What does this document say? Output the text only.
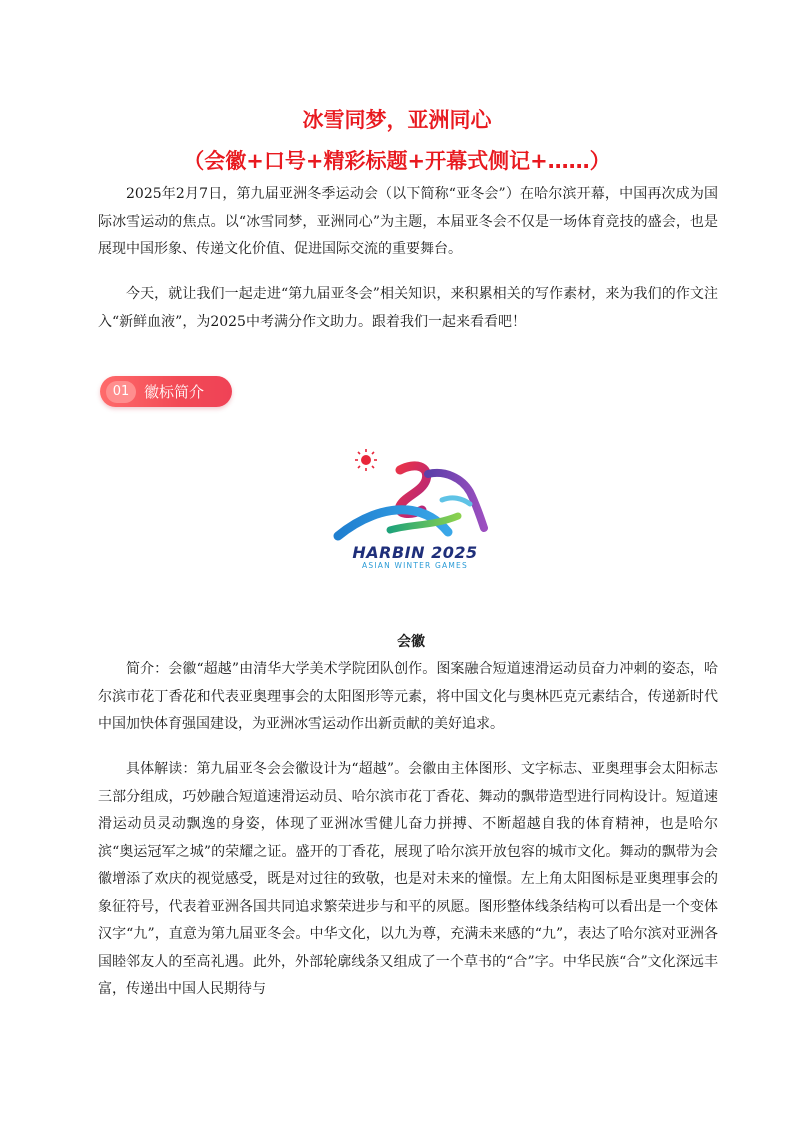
冰雪同梦，亚洲同心
（会徽+口号+精彩标题+开幕式侧记+……）

2025年2月7日，第九届亚洲冬季运动会（以下简称“亚冬会”）在哈尔滨开幕，中国再次成为国际冰雪运动的焦点。以“冰雪同梦，亚洲同心”为主题，本届亚冬会不仅是一场体育竞技的盛会，也是展现中国形象、传递文化价值、促进国际交流的重要舞台。

今天，就让我们一起走进“第九届亚冬会”相关知识，来积累相关的写作素材，来为我们的作文注入“新鲜血液”，为2025中考满分作文助力。跟着我们一起来看看吧！

01 徽标简介
HARBIN 2025
ASIAN WINTER GAMES

会徽

简介：会徽“超越”由清华大学美术学院团队创作。图案融合短道速滑运动员奋力冲刺的姿态，哈尔滨市花丁香花和代表亚奥理事会的太阳图形等元素，将中国文化与奥林匹克元素结合，传递新时代中国加快体育强国建设，为亚洲冰雪运动作出新贡献的美好追求。

具体解读：第九届亚冬会会徽设计为“超越”。会徽由主体图形、文字标志、亚奥理事会太阳标志三部分组成，巧妙融合短道速滑运动员、哈尔滨市花丁香花、舞动的飘带造型进行同构设计。短道速滑运动员灵动飘逸的身姿，体现了亚洲冰雪健儿奋力拼搏、不断超越自我的体育精神，也是哈尔滨“奥运冠军之城”的荣耀之证。盛开的丁香花，展现了哈尔滨开放包容的城市文化。舞动的飘带为会徽增添了欢庆的视觉感受，既是对过往的致敬，也是对未来的憧憬。左上角太阳图标是亚奥理事会的象征符号，代表着亚洲各国共同追求繁荣进步与和平的夙愿。图形整体线条结构可以看出是一个变体汉字“九”，直意为第九届亚冬会。中华文化，以九为尊，充满未来感的“九”，表达了哈尔滨对亚洲各国睦邻友人的至高礼遇。此外，外部轮廓线条又组成了一个草书的“合”字。中华民族“合”文化深远丰富，传递出中国人民期待与
